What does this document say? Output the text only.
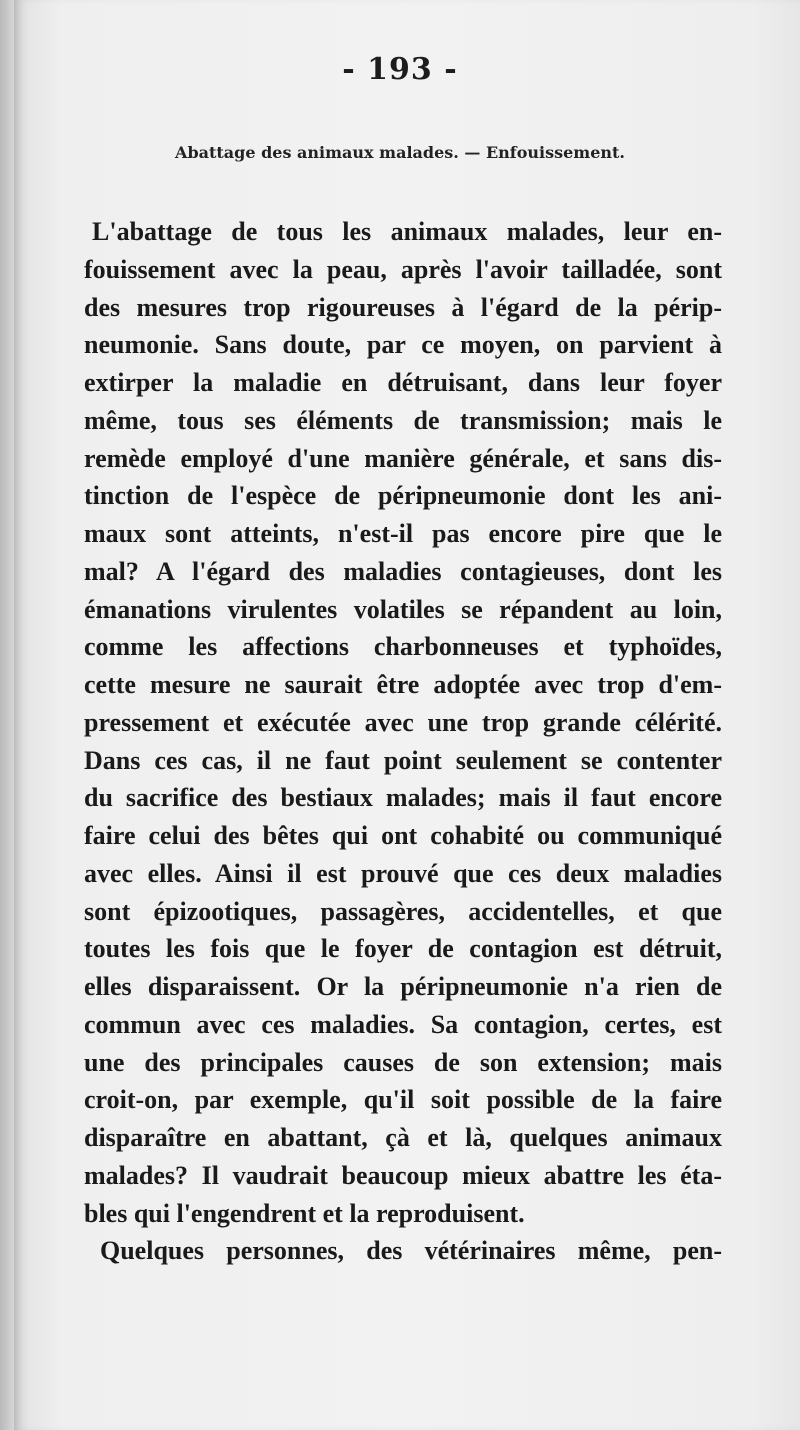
- 193 -
Abattage des animaux malades. — Enfouissement.
L'abattage de tous les animaux malades, leur en-
fouissement avec la peau, après l'avoir tailladée, sont
des mesures trop rigoureuses à l'égard de la périp-
neumonie. Sans doute, par ce moyen, on parvient à
extirper la maladie en détruisant, dans leur foyer
même, tous ses éléments de transmission; mais le
remède employé d'une manière générale, et sans dis-
tinction de l'espèce de péripneumonie dont les ani-
maux sont atteints, n'est-il pas encore pire que le
mal? A l'égard des maladies contagieuses, dont les
émanations virulentes volatiles se répandent au loin,
comme les affections charbonneuses et typhoïdes,
cette mesure ne saurait être adoptée avec trop d'em-
pressement et exécutée avec une trop grande célérité.
Dans ces cas, il ne faut point seulement se contenter
du sacrifice des bestiaux malades; mais il faut encore
faire celui des bêtes qui ont cohabité ou communiqué
avec elles. Ainsi il est prouvé que ces deux maladies
sont épizootiques, passagères, accidentelles, et que
toutes les fois que le foyer de contagion est détruit,
elles disparaissent. Or la péripneumonie n'a rien de
commun avec ces maladies. Sa contagion, certes, est
une des principales causes de son extension; mais
croit-on, par exemple, qu'il soit possible de la faire
disparaître en abattant, çà et là, quelques animaux
malades? Il vaudrait beaucoup mieux abattre les éta-
bles qui l'engendrent et la reproduisent.
Quelques personnes, des vétérinaires même, pen-
